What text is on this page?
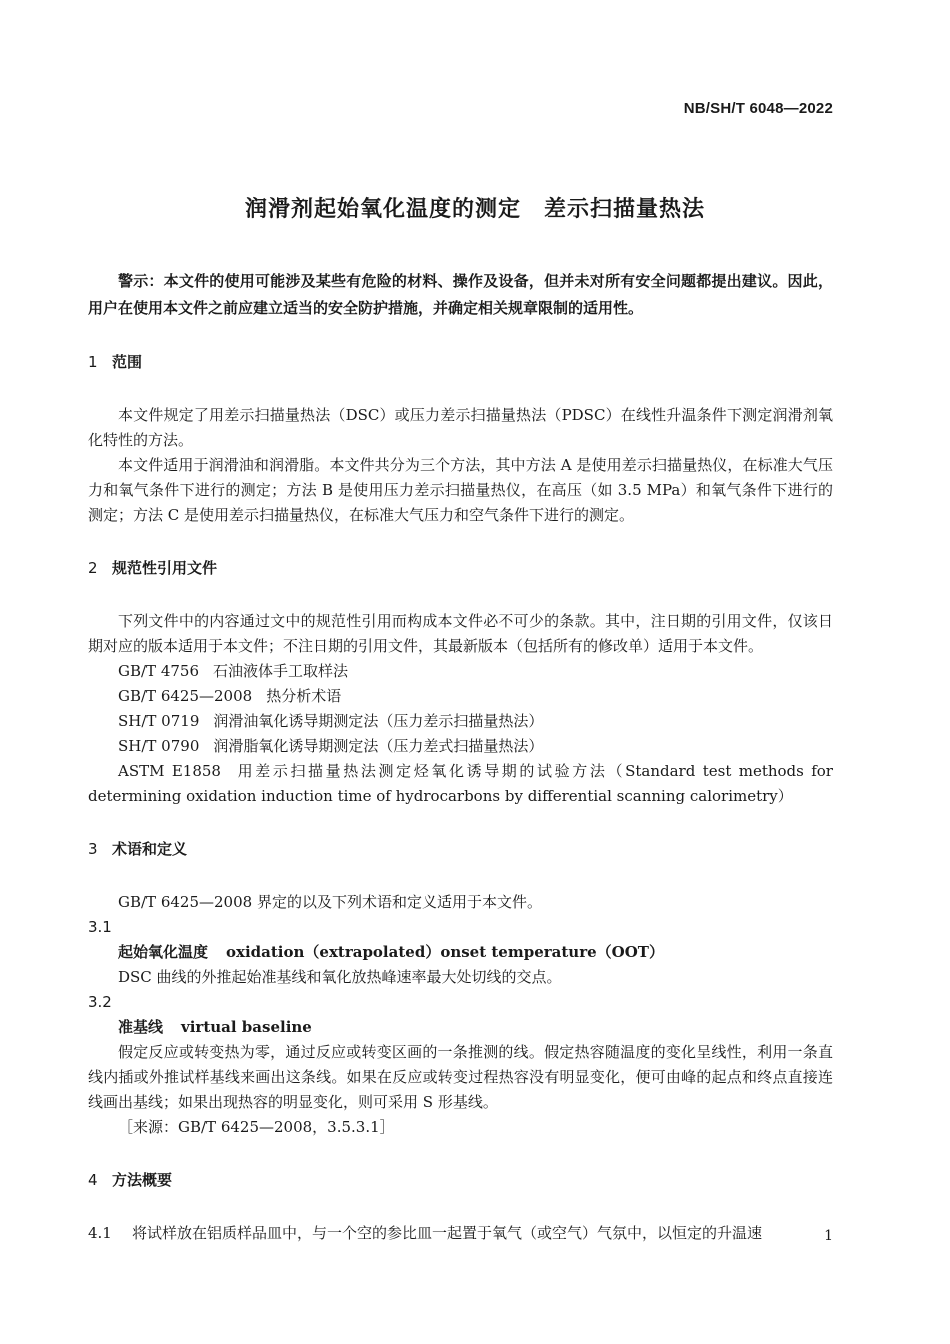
NB/SH/T 6048—2022
润滑剂起始氧化温度的测定　差示扫描量热法

警示：本文件的使用可能涉及某些有危险的材料、操作及设备，但并未对所有安全问题都提出建议。因此，用户在使用本文件之前应建立适当的安全防护措施，并确定相关规章限制的适用性。

1 范围

本文件规定了用差示扫描量热法（DSC）或压力差示扫描量热法（PDSC）在线性升温条件下测定润滑剂氧化特性的方法。

本文件适用于润滑油和润滑脂。本文件共分为三个方法，其中方法 A 是使用差示扫描量热仪，在标准大气压力和氧气条件下进行的测定；方法 B 是使用压力差示扫描量热仪，在高压（如 3.5 MPa）和氧气条件下进行的测定；方法 C 是使用差示扫描量热仪，在标准大气压力和空气条件下进行的测定。

2 规范性引用文件

下列文件中的内容通过文中的规范性引用而构成本文件必不可少的条款。其中，注日期的引用文件，仅该日期对应的版本适用于本文件；不注日期的引用文件，其最新版本（包括所有的修改单）适用于本文件。

GB/T 4756 石油液体手工取样法

GB/T 6425—2008 热分析术语

SH/T 0719 润滑油氧化诱导期测定法（压力差示扫描量热法）

SH/T 0790 润滑脂氧化诱导期测定法（压力差式扫描量热法）

ASTM E1858 用差示扫描量热法测定烃氧化诱导期的试验方法（Standard test methods for determining oxidation induction time of hydrocarbons by differential scanning calorimetry）

3 术语和定义

GB/T 6425—2008 界定的以及下列术语和定义适用于本文件。

3.1

起始氧化温度 oxidation（extrapolated）onset temperature（OOT）

DSC 曲线的外推起始准基线和氧化放热峰速率最大处切线的交点。

3.2

准基线 virtual baseline

假定反应或转变热为零，通过反应或转变区画的一条推测的线。假定热容随温度的变化呈线性，利用一条直线内插或外推试样基线来画出这条线。如果在反应或转变过程热容没有明显变化，便可由峰的起点和终点直接连线画出基线；如果出现热容的明显变化，则可采用 S 形基线。

［来源：GB/T 6425—2008，3.5.3.1］

4 方法概要

4.1 将试样放在铝质样品皿中，与一个空的参比皿一起置于氧气（或空气）气氛中，以恒定的升温速	1
